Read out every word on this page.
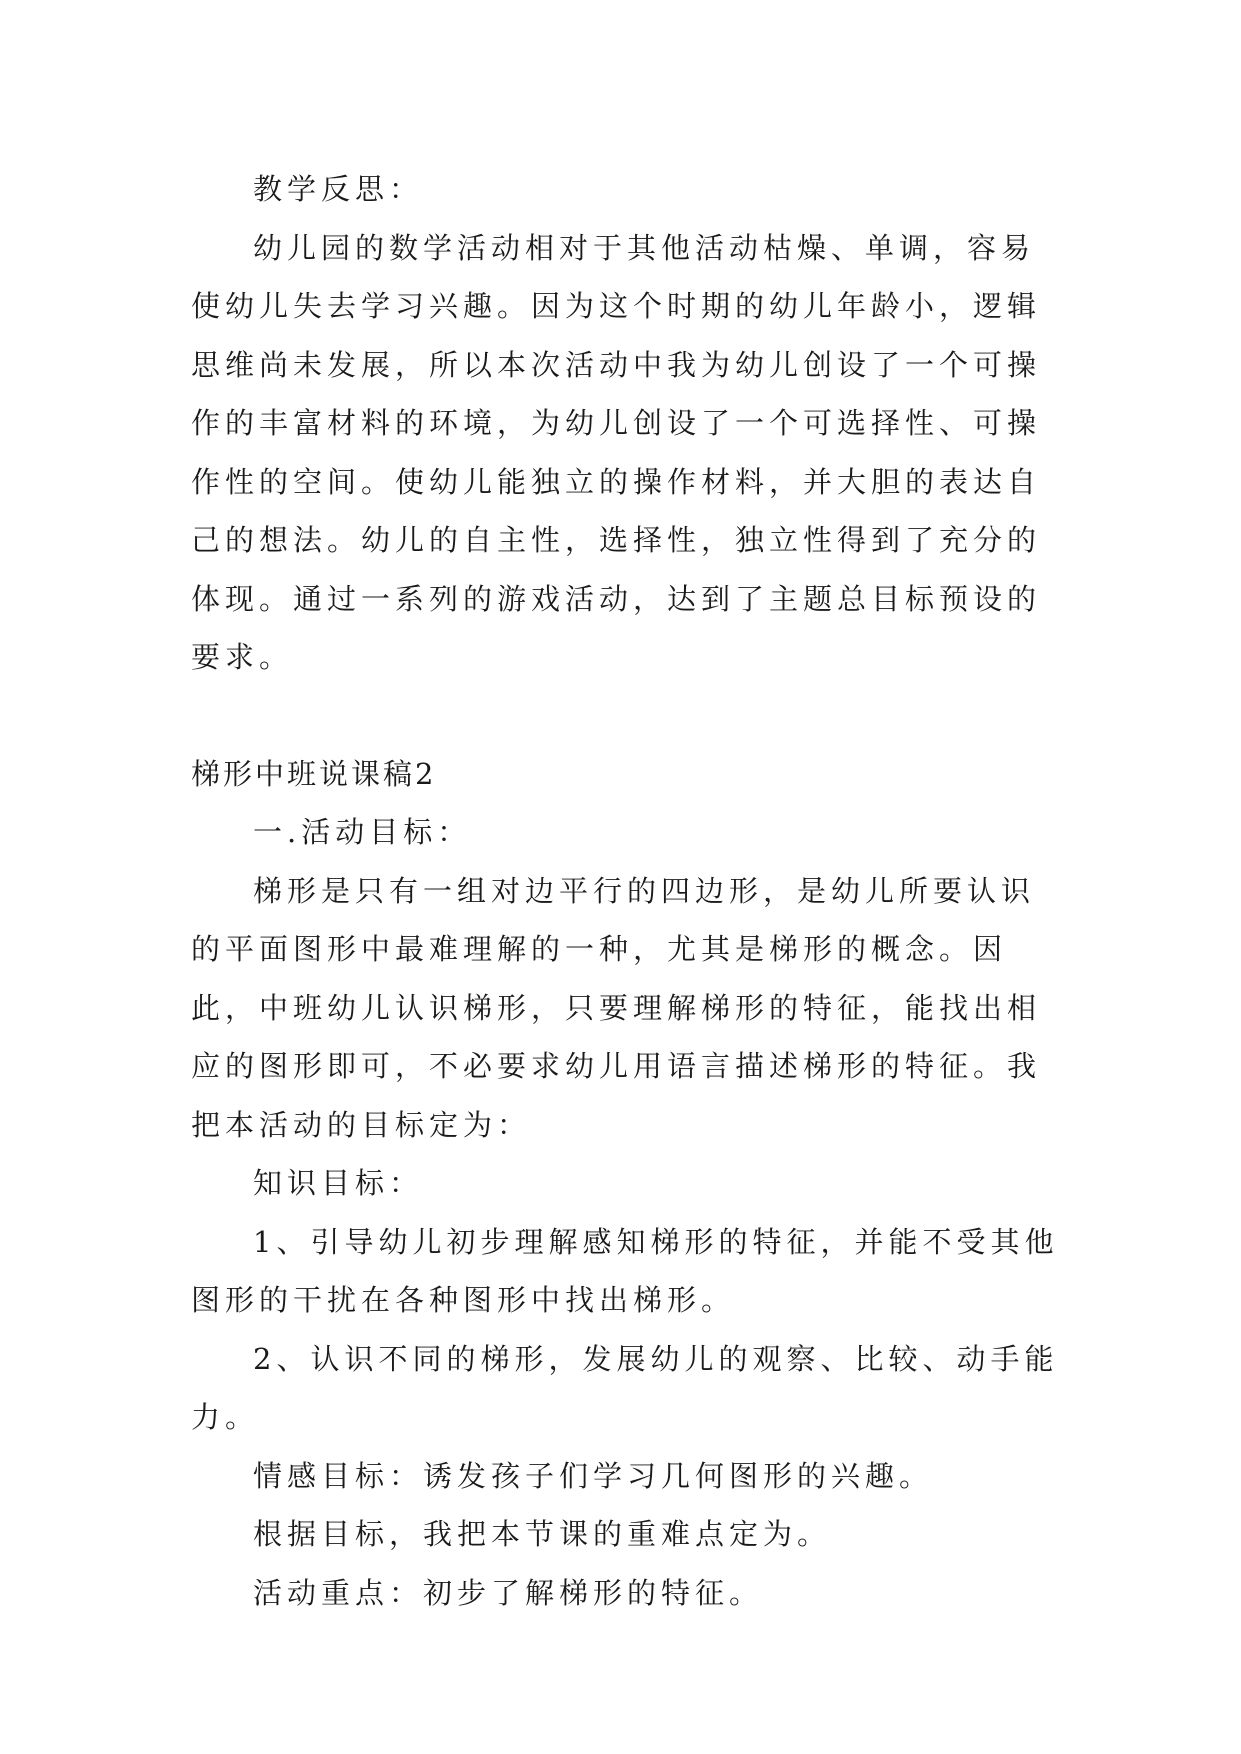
教学反思：

幼儿园的数学活动相对于其他活动枯燥、单调，容易使幼儿失去学习兴趣。因为这个时期的幼儿年龄小，逻辑思维尚未发展，所以本次活动中我为幼儿创设了一个可操作的丰富材料的环境，为幼儿创设了一个可选择性、可操作性的空间。使幼儿能独立的操作材料，并大胆的表达自己的想法。幼儿的自主性，选择性，独立性得到了充分的体现。通过一系列的游戏活动，达到了主题总目标预设的要求。

梯形中班说课稿2

一.活动目标：

梯形是只有一组对边平行的四边形，是幼儿所要认识的平面图形中最难理解的一种，尤其是梯形的概念。因此，中班幼儿认识梯形，只要理解梯形的特征，能找出相应的图形即可，不必要求幼儿用语言描述梯形的特征。我把本活动的目标定为：

知识目标：

1、引导幼儿初步理解感知梯形的特征，并能不受其他图形的干扰在各种图形中找出梯形。

2、认识不同的梯形，发展幼儿的观察、比较、动手能力。

情感目标：诱发孩子们学习几何图形的兴趣。

根据目标，我把本节课的重难点定为。

活动重点：初步了解梯形的特征。
